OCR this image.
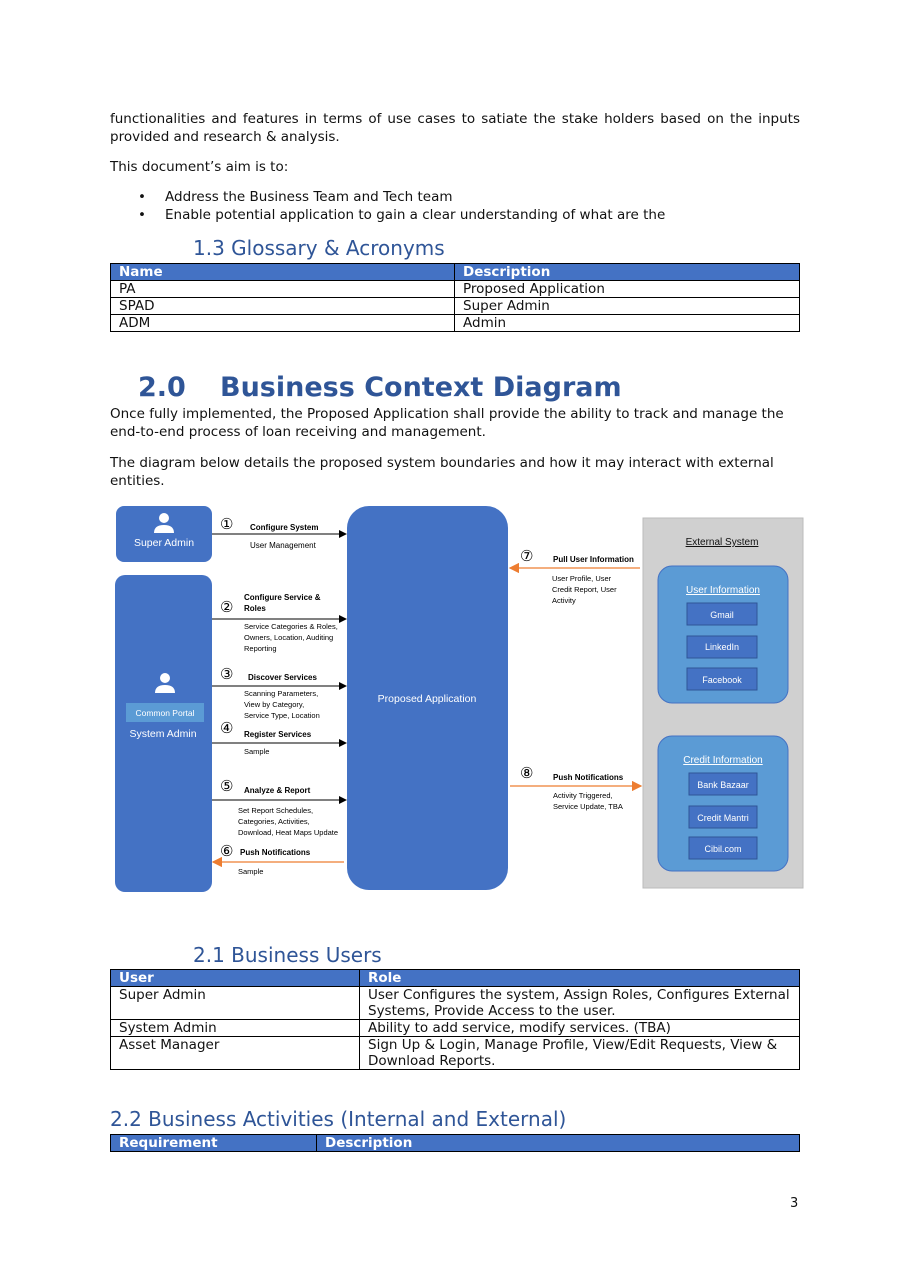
functionalities and features in terms of use cases to satiate the stake holders based on the inputs provided and research & analysis.
This document’s aim is to:
• Address the Business Team and Tech team
• Enable potential application to gain a clear understanding of what are the
1.3 Glossary & Acronyms
Name	Description
PA	Proposed Application
SPAD	Super Admin
ADM	Admin
2.0 Business Context Diagram
Once fully implemented, the Proposed Application shall provide the ability to track and manage the end-to-end process of loan receiving and management.
The diagram below details the proposed system boundaries and how it may interact with external entities.
External System
Super Admin
Common Portal
System Admin
Proposed Application
User Information
Gmail
LinkedIn
Facebook
Credit Information
Bank Bazaar
Credit Mantri
Cibil.com
① Configure System
User Management
②
Configure Service &
Roles
Service Categories & Roles,
Owners, Location, Auditing
Reporting
③ Discover Services
Scanning Parameters,
View by Category,
Service Type, Location
④ Register Services
Sample
⑤ Analyze & Report
Set Report Schedules,
Categories, Activities,
Download, Heat Maps Update
⑥ Push Notifications
Sample
⑦ Pull User Information
User Profile, User
Credit Report, User
Activity
⑧ Push Notifications
Activity Triggered,
Service Update, TBA
2.1 Business Users
User	Role
Super Admin	User Configures the system, Assign Roles, Configures External Systems, Provide Access to the user.
System Admin	Ability to add service, modify services. (TBA)
Asset Manager	Sign Up & Login, Manage Profile, View/Edit Requests, View & Download Reports.
2.2 Business Activities (Internal and External)
Requirement	Description
3
